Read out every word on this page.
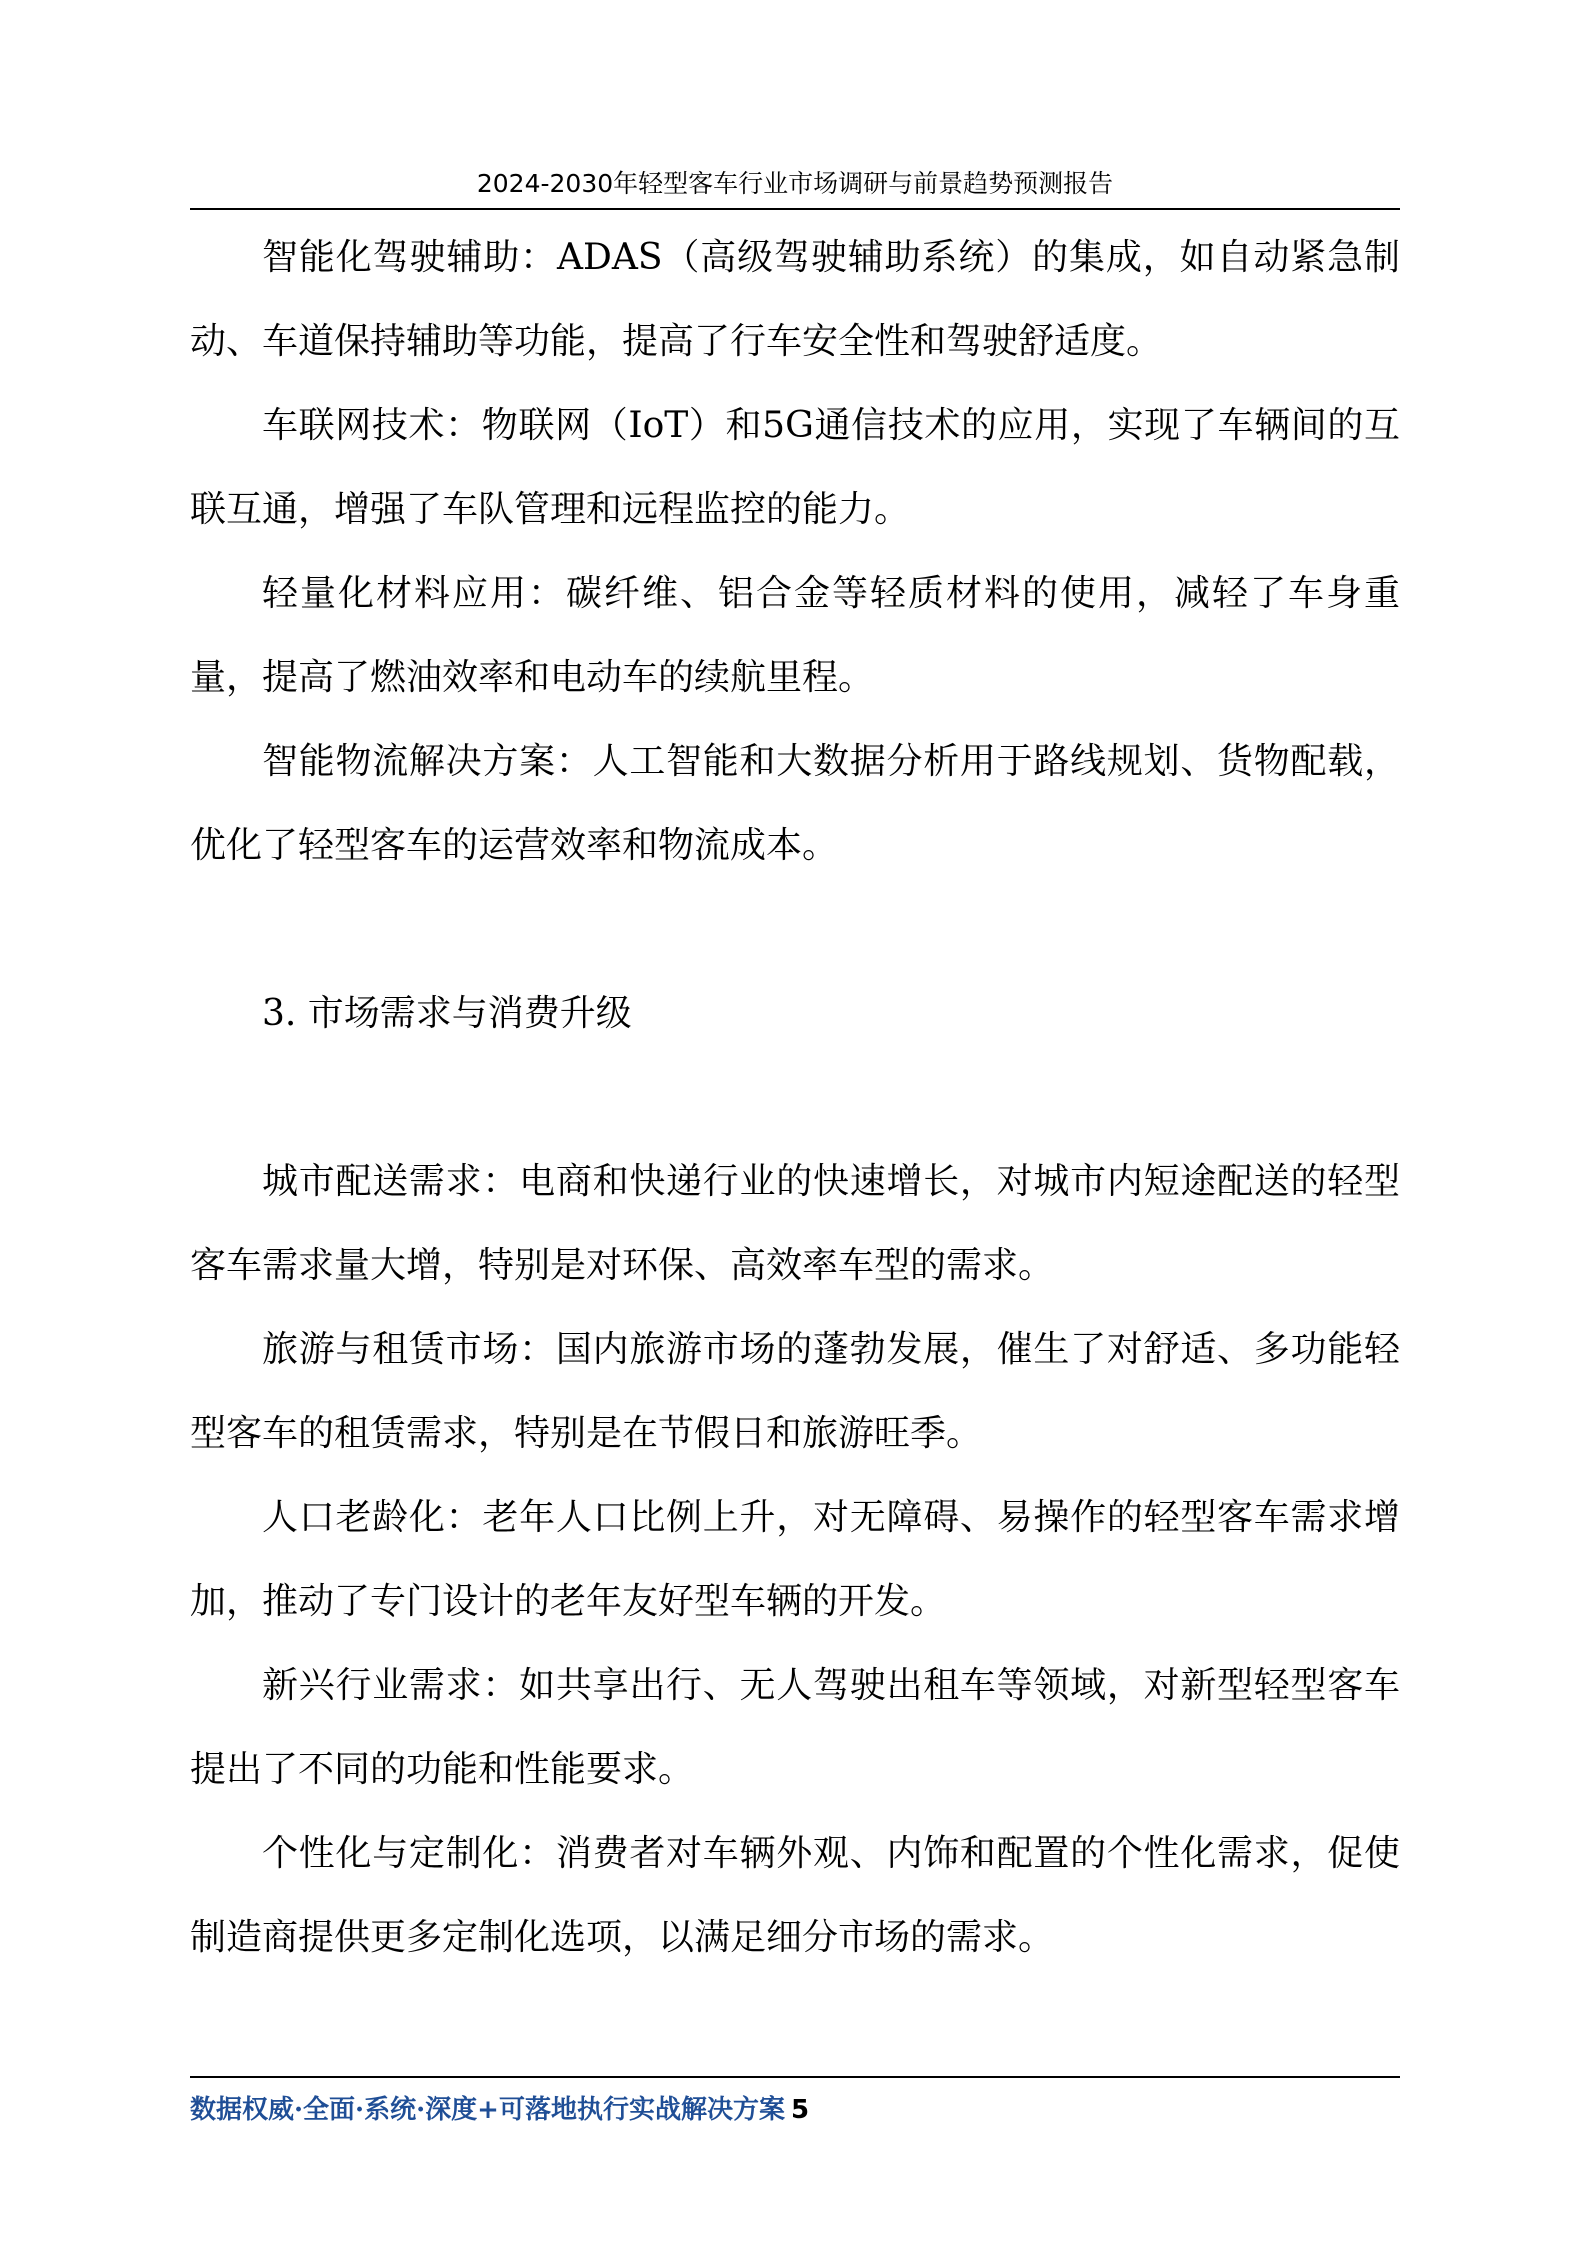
2024-2030年轻型客车行业市场调研与前景趋势预测报告

智能化驾驶辅助：ADAS（高级驾驶辅助系统）的集成，如自动紧急制动、车道保持辅助等功能，提高了行车安全性和驾驶舒适度。

车联网技术：物联网（IoT）和5G通信技术的应用，实现了车辆间的互联互通，增强了车队管理和远程监控的能力。

轻量化材料应用：碳纤维、铝合金等轻质材料的使用，减轻了车身重量，提高了燃油效率和电动车的续航里程。

智能物流解决方案：人工智能和大数据分析用于路线规划、货物配载，优化了轻型客车的运营效率和物流成本。

3. 市场需求与消费升级

城市配送需求：电商和快递行业的快速增长，对城市内短途配送的轻型客车需求量大增，特别是对环保、高效率车型的需求。

旅游与租赁市场：国内旅游市场的蓬勃发展，催生了对舒适、多功能轻型客车的租赁需求，特别是在节假日和旅游旺季。

人口老龄化：老年人口比例上升，对无障碍、易操作的轻型客车需求增加，推动了专门设计的老年友好型车辆的开发。

新兴行业需求：如共享出行、无人驾驶出租车等领域，对新型轻型客车提出了不同的功能和性能要求。

个性化与定制化：消费者对车辆外观、内饰和配置的个性化需求，促使制造商提供更多定制化选项，以满足细分市场的需求。

数据权威·全面·系统·深度+可落地执行实战解决方案 5
